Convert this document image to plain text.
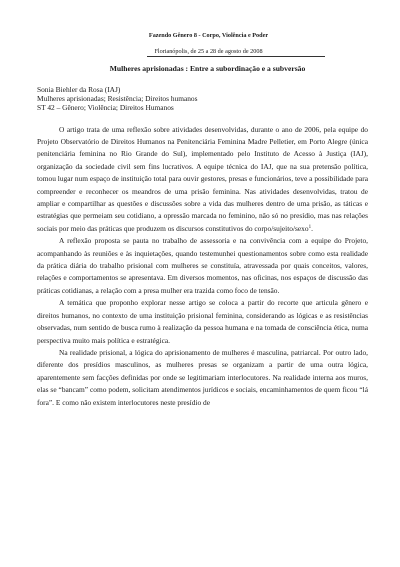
Fazendo Gênero 8 - Corpo, Violência e Poder
Florianópolis, de 25 a 28 de agosto de 2008
Mulheres aprisionadas : Entre a subordinação e a subversão
Sonia Biehler da Rosa (IAJ)
Mulheres aprisionadas; Resistência; Direitos humanos
ST 42 – Gênero; Violência; Direitos Humanos

O artigo trata de uma reflexão sobre atividades desenvolvidas, durante o ano de 2006, pela equipe do Projeto Observatório de Direitos Humanos na Penitenciária Feminina Madre Pelletier, em Porto Alegre (única penitenciária feminina no Rio Grande do Sul), implementado pelo Instituto de Acesso à Justiça (IAJ), organização da sociedade civil sem fins lucrativos. A equipe técnica do IAJ, que na sua pretensão política, tomou lugar num espaço de instituição total para ouvir gestores, presas e funcionários, teve a possibilidade para compreender e reconhecer os meandros de uma prisão feminina. Nas atividades desenvolvidas, tratou de ampliar e compartilhar as questões e discussões sobre a vida das mulheres dentro de uma prisão, as táticas e estratégias que permeiam seu cotidiano, a opressão marcada no feminino, não só no presídio, mas nas relações sociais por meio das práticas que produzem os discursos constitutivos do corpo/sujeito/sexo$^1$.

A reflexão proposta se pauta no trabalho de assessoria e na convivência com a equipe do Projeto, acompanhando às reuniões e às inquietações, quando testemunhei questionamentos sobre como esta realidade da prática diária do trabalho prisional com mulheres se constituía, atravessada por quais conceitos, valores, relações e comportamentos se apresentava. Em diversos momentos, nas oficinas, nos espaços de discussão das práticas cotidianas, a relação com a presa mulher era trazida como foco de tensão.

A temática que proponho explorar nesse artigo se coloca a partir do recorte que articula gênero e direitos humanos, no contexto de uma instituição prisional feminina, considerando as lógicas e as resistências observadas, num sentido de busca rumo à realização da pessoa humana e na tomada de consciência ética, numa perspectiva muito mais política e estratégica.

Na realidade prisional, a lógica do aprisionamento de mulheres é masculina, patriarcal. Por outro lado, diferente dos presídios masculinos, as mulheres presas se organizam a partir de uma outra lógica, aparentemente sem facções definidas por onde se legitimariam interlocutores. Na realidade interna aos muros, elas se “bancam” como podem, solicitam atendimentos jurídicos e sociais, encaminhamentos de quem ficou “lá fora”. E como não existem interlocutores neste presídio de
